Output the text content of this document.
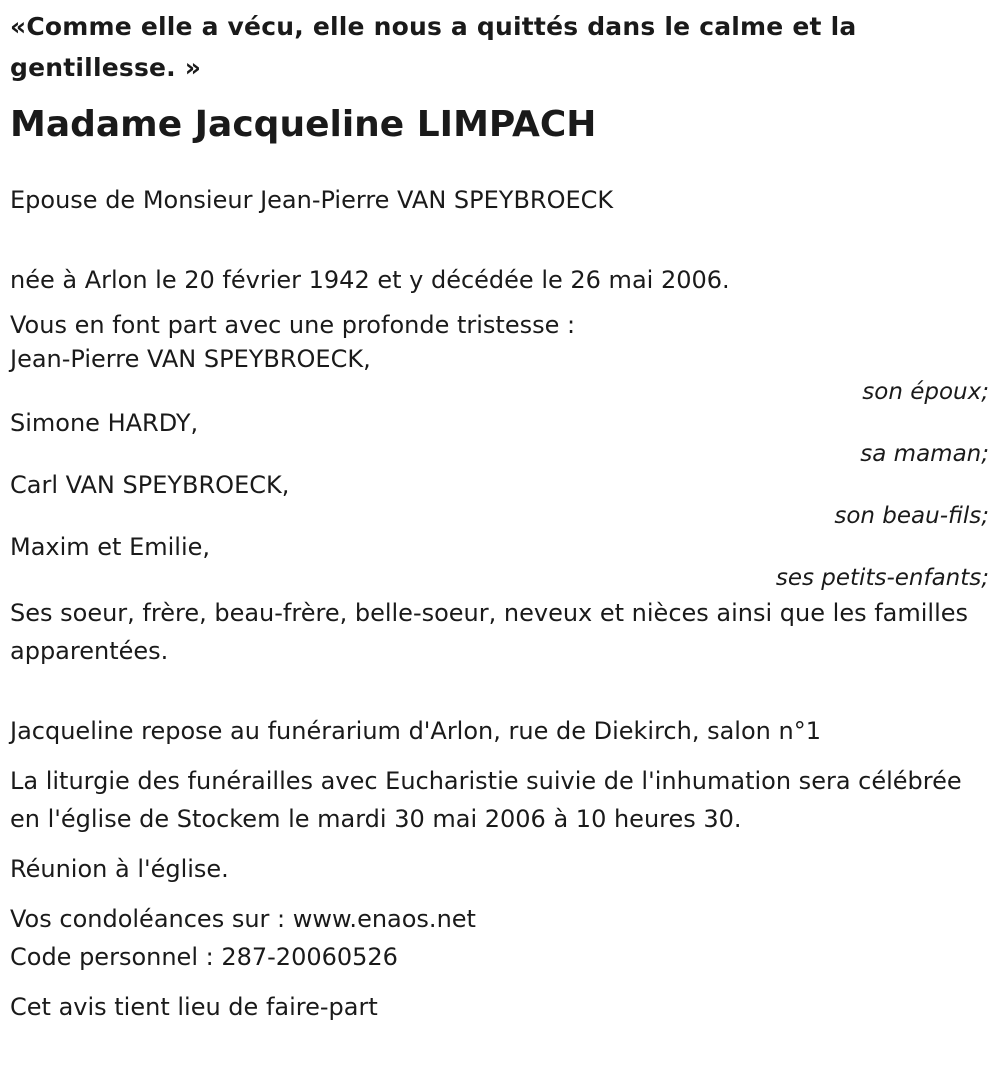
«Comme elle a vécu, elle nous a quittés dans le calme et la gentillesse. »

Madame Jacqueline LIMPACH

Epouse de Monsieur Jean-Pierre VAN SPEYBROECK

née à Arlon le 20 février 1942 et y décédée le 26 mai 2006.

Vous en font part avec une profonde tristesse :

Jean-Pierre VAN SPEYBROECK,
son époux;
Simone HARDY,
sa maman;
Carl VAN SPEYBROECK,
son beau-fils;
Maxim et Emilie,
ses petits-enfants;

Ses soeur, frère, beau-frère, belle-soeur, neveux et nièces ainsi que les familles apparentées.

Jacqueline repose au funérarium d'Arlon, rue de Diekirch, salon n°1

La liturgie des funérailles avec Eucharistie suivie de l'inhumation sera célébrée en l'église de Stockem le mardi 30 mai 2006 à 10 heures 30.

Réunion à l'église.

Vos condoléances sur : www.enaos.net
Code personnel : 287-20060526

Cet avis tient lieu de faire-part
